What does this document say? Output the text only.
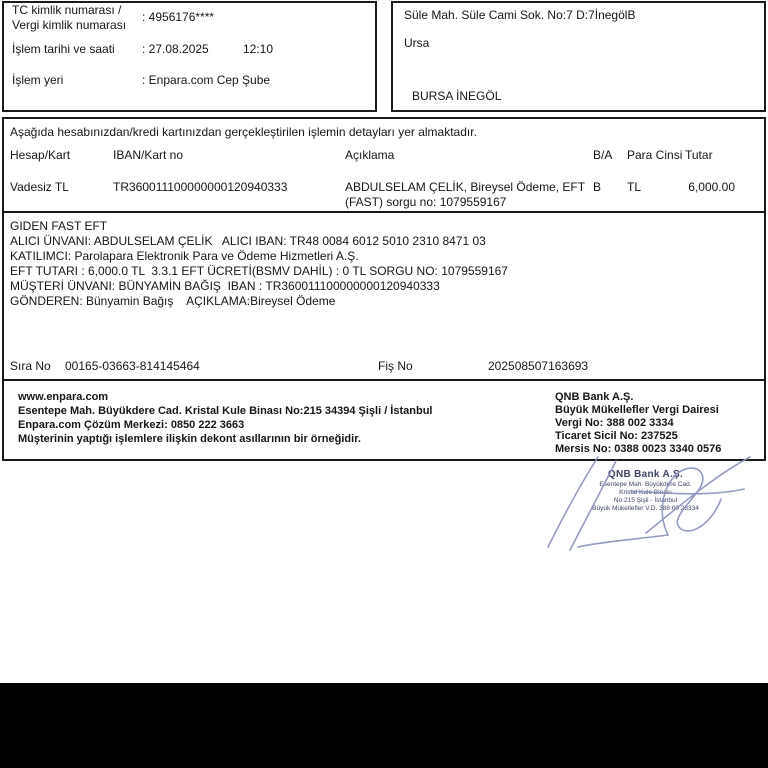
TC kimlik numarası /
Vergi kimlik numarası
: 4956176****
İşlem tarihi ve saati : 27.08.2025	12:10
İşlem yeri	: Enpara.com Cep Şube
Süle Mah. Süle Cami Sok. No:7 D:7İnegölB
Ursa
BURSA İNEGÖL
Aşağıda hesabınızdan/kredi kartınızdan gerçekleştirilen işlemin detayları yer almaktadır.
Hesap/Kart	IBAN/Kart no	Açıklama	B/A Para Cinsi Tutar
Vadesiz TL	TR360011100000000120940333	ABDULSELAM ÇELİK, Bireysel Ödeme, EFT
(FAST) sorgu no: 1079559167
B TL	6,000.00
GIDEN FAST EFT
ALICI ÜNVANI: ABDULSELAM ÇELİK   ALICI IBAN: TR48 0084 6012 5010 2310 8471 03
KATILIMCI: Parolapara Elektronik Para ve Ödeme Hizmetleri A.Ş.
EFT TUTARI : 6,000.0 TL  3.3.1 EFT ÜCRETİ(BSMV DAHİL) : 0 TL SORGU NO: 1079559167
MÜŞTERİ ÜNVANI: BÜNYAMİN BAĞIŞ  IBAN : TR360011100000000120940333
GÖNDEREN: Bünyamin Bağış    AÇIKLAMA:Bireysel Ödeme
Sıra No 00165-03663-814145464	Fiş No	202508507163693
www.enpara.com
Esentepe Mah. Büyükdere Cad. Kristal Kule Binası No:215 34394 Şişli / İstanbul
Enpara.com Çözüm Merkezi: 0850 222 3663
Müşterinin yaptığı işlemlere ilişkin dekont asıllarının bir örneğidir.
QNB Bank A.Ş.
Büyük Mükellefler Vergi Dairesi
Vergi No: 388 002 3334
Ticaret Sicil No: 237525
Mersis No: 0388 0023 3340 0576
QNB Bank A.Ş.
Esentepe Mah. Büyükdere Cad.
Kristal Kule Binası
No:215 Şişli - İstanbul
Büyük Mükellefler V.D. 388 00 23334
